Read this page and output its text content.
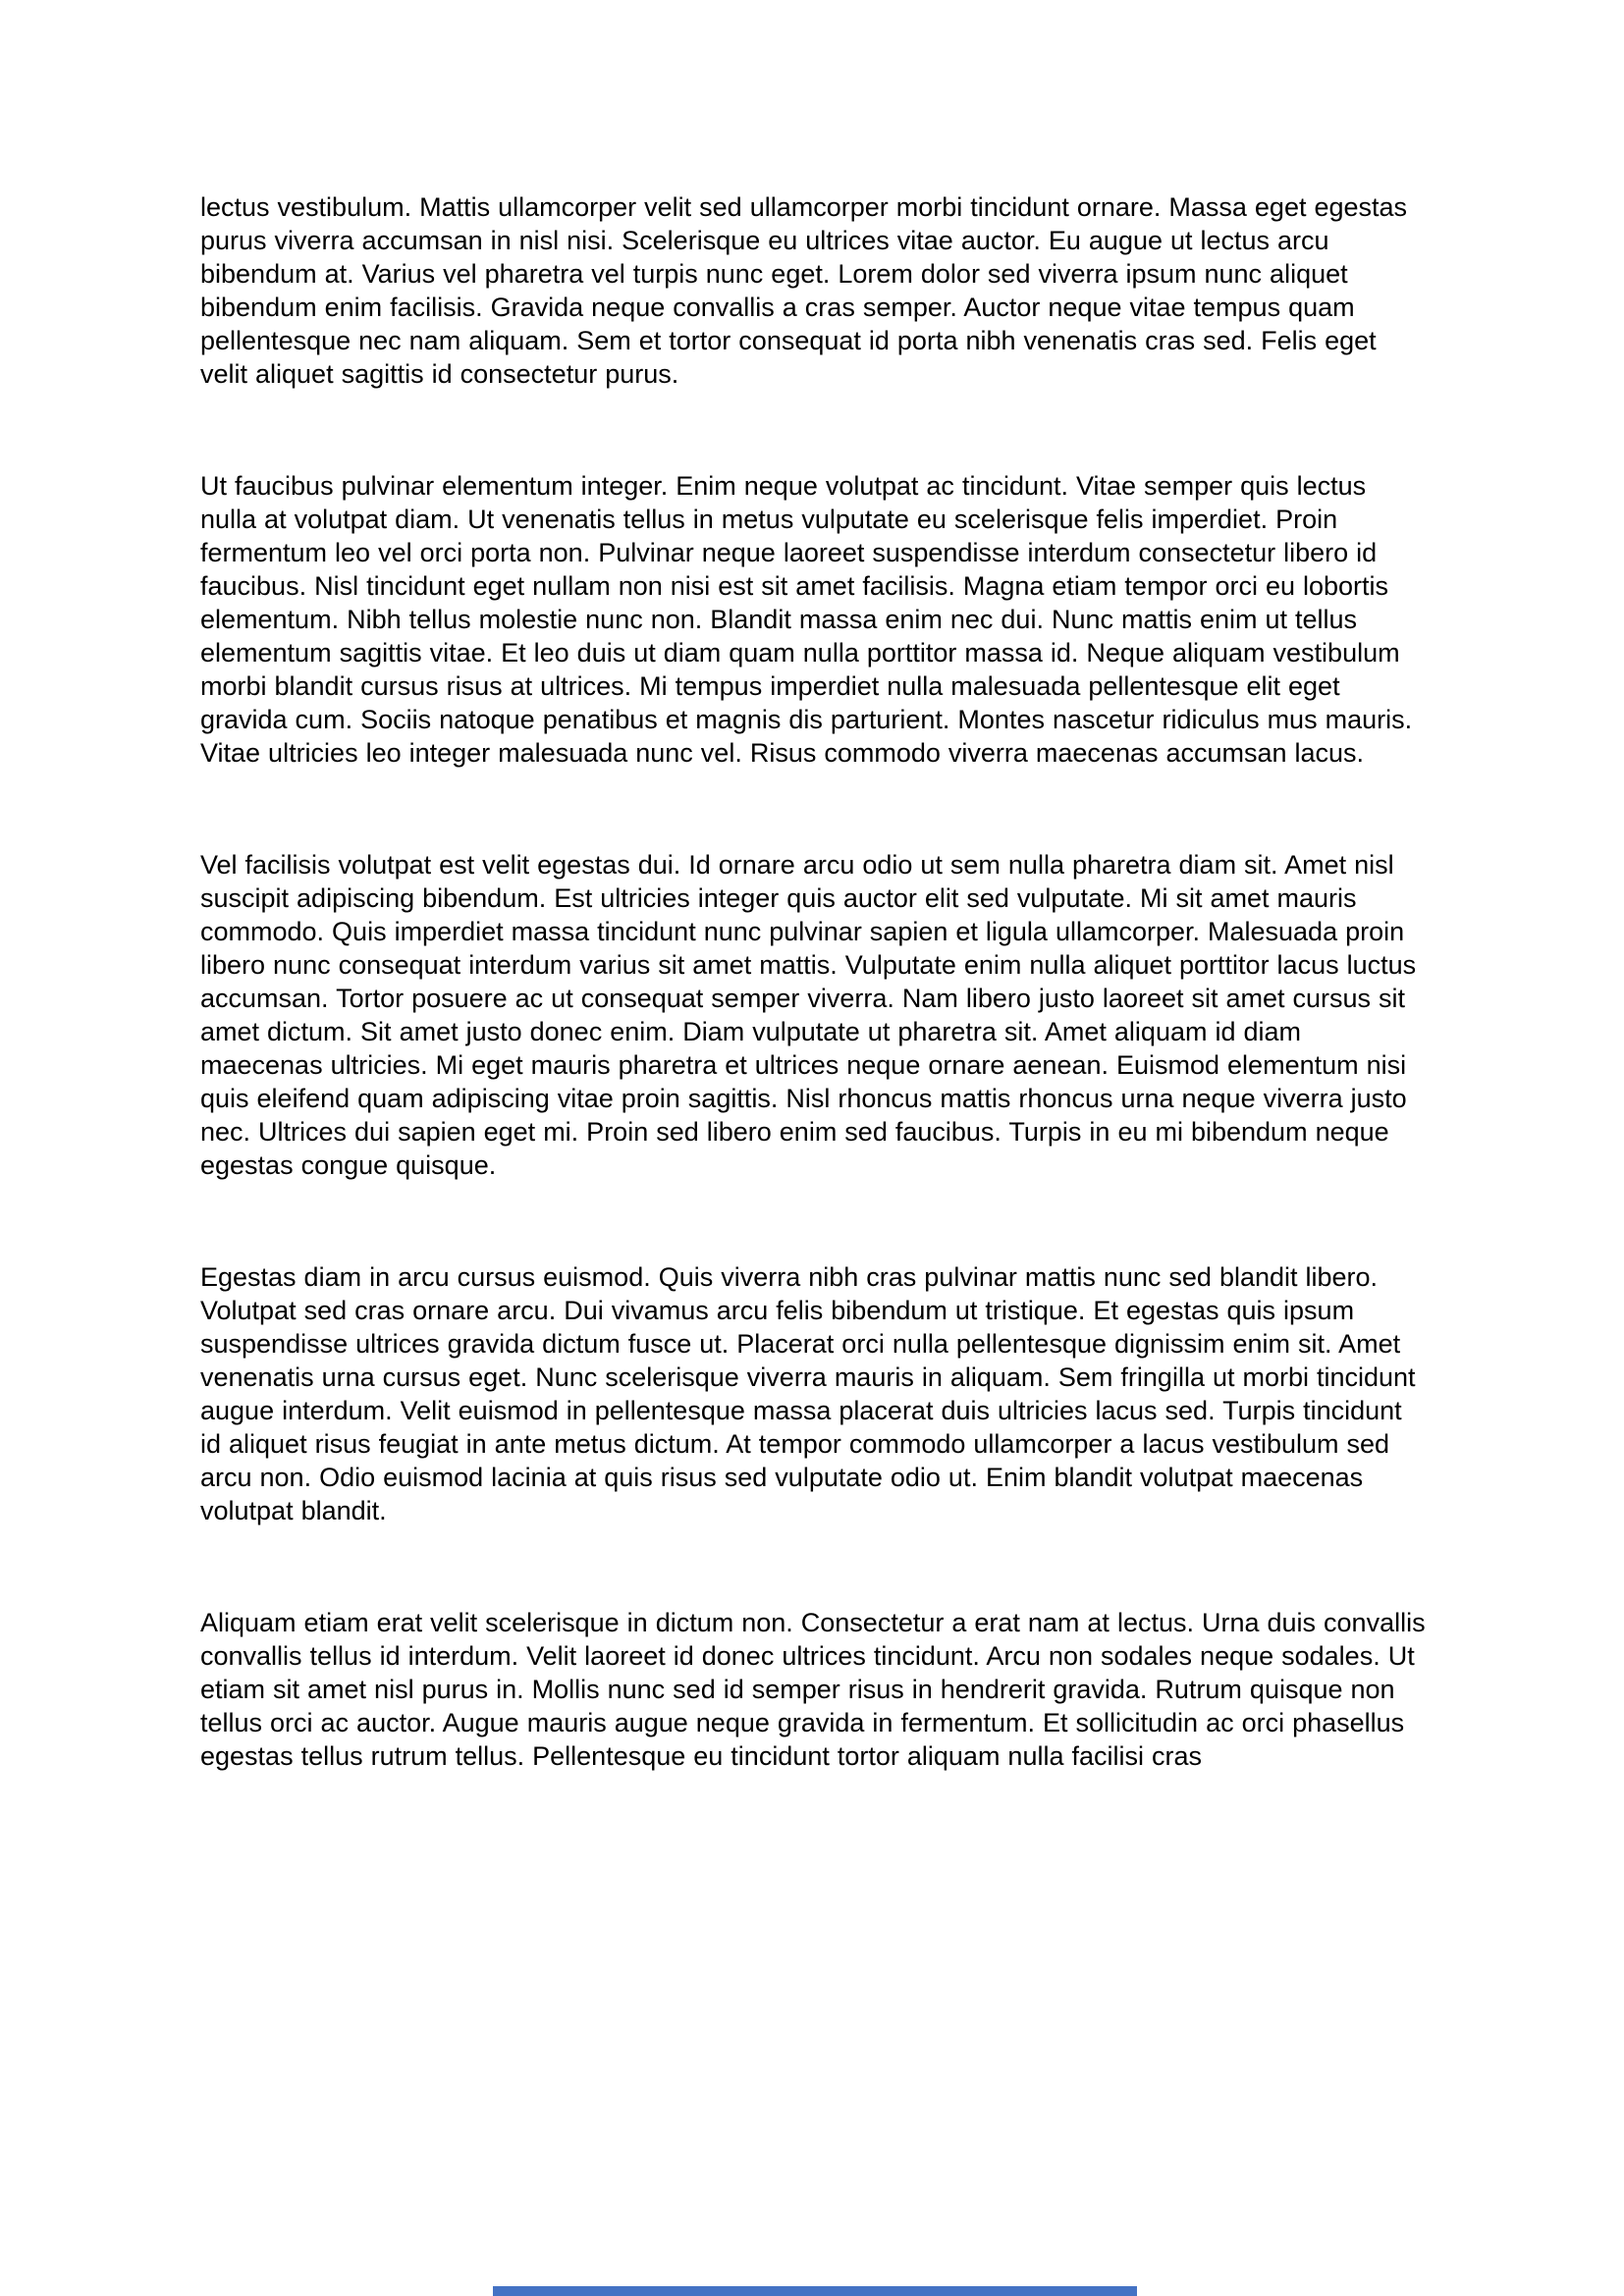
lectus vestibulum. Mattis ullamcorper velit sed ullamcorper morbi tincidunt ornare. Massa eget egestas purus viverra accumsan in nisl nisi. Scelerisque eu ultrices vitae auctor. Eu augue ut lectus arcu bibendum at. Varius vel pharetra vel turpis nunc eget. Lorem dolor sed viverra ipsum nunc aliquet bibendum enim facilisis. Gravida neque convallis a cras semper. Auctor neque vitae tempus quam pellentesque nec nam aliquam. Sem et tortor consequat id porta nibh venenatis cras sed. Felis eget velit aliquet sagittis id consectetur purus.

Ut faucibus pulvinar elementum integer. Enim neque volutpat ac tincidunt. Vitae semper quis lectus nulla at volutpat diam. Ut venenatis tellus in metus vulputate eu scelerisque felis imperdiet. Proin fermentum leo vel orci porta non. Pulvinar neque laoreet suspendisse interdum consectetur libero id faucibus. Nisl tincidunt eget nullam non nisi est sit amet facilisis. Magna etiam tempor orci eu lobortis elementum. Nibh tellus molestie nunc non. Blandit massa enim nec dui. Nunc mattis enim ut tellus elementum sagittis vitae. Et leo duis ut diam quam nulla porttitor massa id. Neque aliquam vestibulum morbi blandit cursus risus at ultrices. Mi tempus imperdiet nulla malesuada pellentesque elit eget gravida cum. Sociis natoque penatibus et magnis dis parturient. Montes nascetur ridiculus mus mauris. Vitae ultricies leo integer malesuada nunc vel. Risus commodo viverra maecenas accumsan lacus.

Vel facilisis volutpat est velit egestas dui. Id ornare arcu odio ut sem nulla pharetra diam sit. Amet nisl suscipit adipiscing bibendum. Est ultricies integer quis auctor elit sed vulputate. Mi sit amet mauris commodo. Quis imperdiet massa tincidunt nunc pulvinar sapien et ligula ullamcorper. Malesuada proin libero nunc consequat interdum varius sit amet mattis. Vulputate enim nulla aliquet porttitor lacus luctus accumsan. Tortor posuere ac ut consequat semper viverra. Nam libero justo laoreet sit amet cursus sit amet dictum. Sit amet justo donec enim. Diam vulputate ut pharetra sit. Amet aliquam id diam maecenas ultricies. Mi eget mauris pharetra et ultrices neque ornare aenean. Euismod elementum nisi quis eleifend quam adipiscing vitae proin sagittis. Nisl rhoncus mattis rhoncus urna neque viverra justo nec. Ultrices dui sapien eget mi. Proin sed libero enim sed faucibus. Turpis in eu mi bibendum neque egestas congue quisque.

Egestas diam in arcu cursus euismod. Quis viverra nibh cras pulvinar mattis nunc sed blandit libero. Volutpat sed cras ornare arcu. Dui vivamus arcu felis bibendum ut tristique. Et egestas quis ipsum suspendisse ultrices gravida dictum fusce ut. Placerat orci nulla pellentesque dignissim enim sit. Amet venenatis urna cursus eget. Nunc scelerisque viverra mauris in aliquam. Sem fringilla ut morbi tincidunt augue interdum. Velit euismod in pellentesque massa placerat duis ultricies lacus sed. Turpis tincidunt id aliquet risus feugiat in ante metus dictum. At tempor commodo ullamcorper a lacus vestibulum sed arcu non. Odio euismod lacinia at quis risus sed vulputate odio ut. Enim blandit volutpat maecenas volutpat blandit.

Aliquam etiam erat velit scelerisque in dictum non. Consectetur a erat nam at lectus. Urna duis convallis convallis tellus id interdum. Velit laoreet id donec ultrices tincidunt. Arcu non sodales neque sodales. Ut etiam sit amet nisl purus in. Mollis nunc sed id semper risus in hendrerit gravida. Rutrum quisque non tellus orci ac auctor. Augue mauris augue neque gravida in fermentum. Et sollicitudin ac orci phasellus egestas tellus rutrum tellus. Pellentesque eu tincidunt tortor aliquam nulla facilisi cras
